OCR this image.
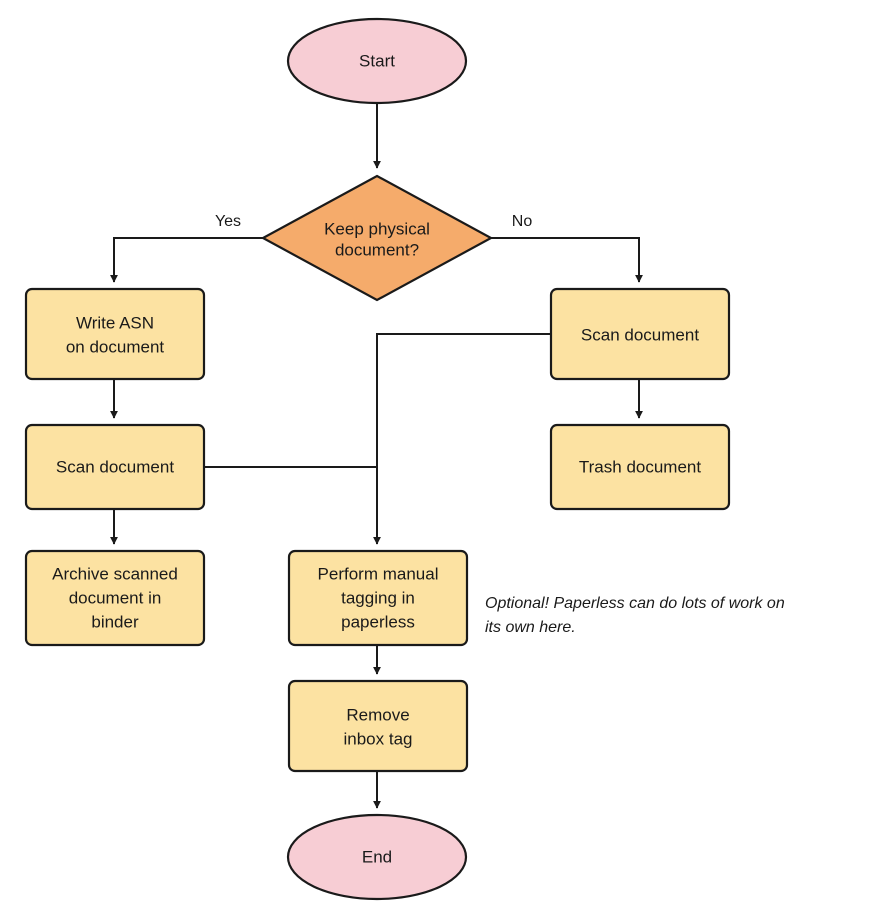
Start
Keep physical
document?
Write ASN
on document
Scan document
Archive scanned
document in
binder
Scan document
Trash document
Perform manual
tagging in
paperless
Remove
inbox tag
End
Yes	No
Optional! Paperless can do lots of work on
its own here.
